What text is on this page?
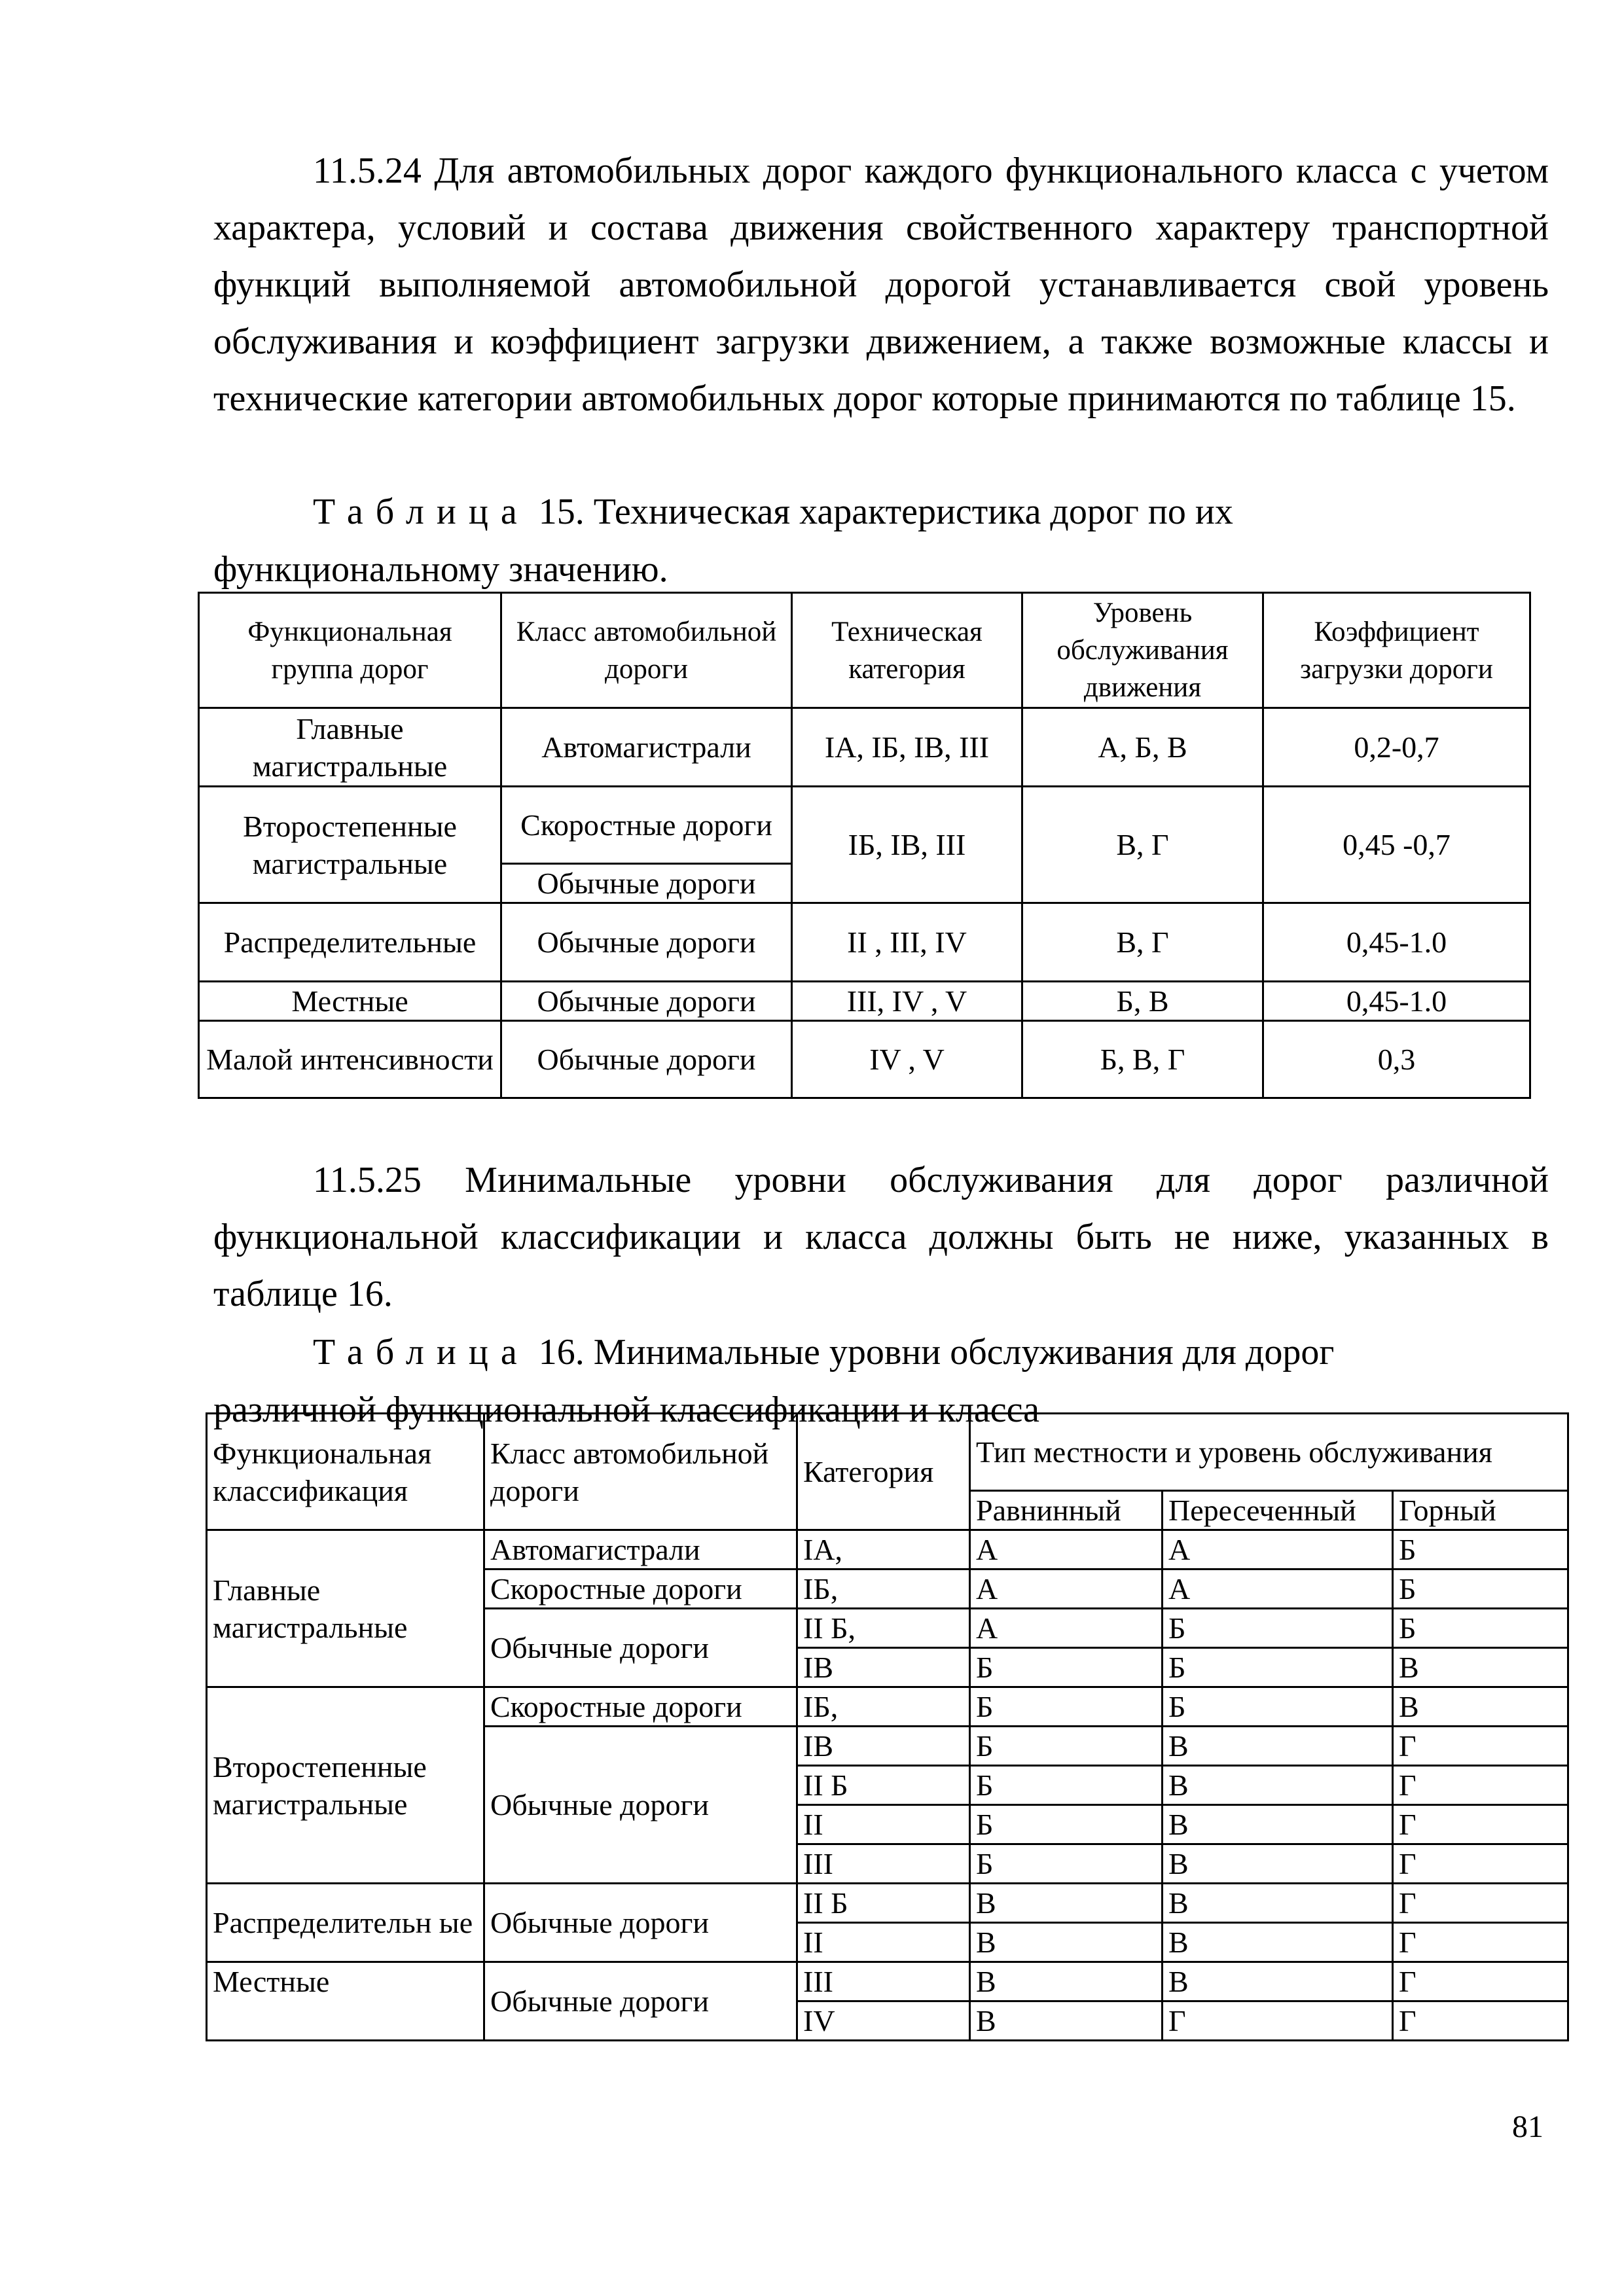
11.5.24 Для автомобильных дорог каждого функционального класса с учетом характера, условий и состава движения свойственного характеру транспортной функций выполняемой автомобильной дорогой устанавливается свой уровень обслуживания и коэффициент загрузки движением, а также возможные классы и технические категории автомобильных дорог которые принимаются по таблице 15.

Таблица 15. Техническая характеристика дорог по их
функциональному значению.

Функциональная группа дорог	Класс автомобильной дороги	Техническая категория	Уровень обслуживания движения	Коэффициент загрузки дороги
Главные магистральные	Автомагистрали	IA, IБ, IB, III	А, Б, В	0,2-0,7
Второстепенные магистральные	Скоростные дороги	IБ, IB, III	В, Г	0,45 -0,7
	Обычные дороги			
Распределительные	Обычные дороги	II , III, IV	В, Г	0,45-1.0
Местные	Обычные дороги	III, IV , V	Б, В	0,45-1.0
Малой интенсивности	Обычные дороги	IV , V	Б, В, Г	0,3

11.5.25 Минимальные уровни обслуживания для дорог различной функциональной классификации и класса должны быть не ниже, указанных в таблице 16.

Таблица 16. Минимальные уровни обслуживания для дорог
различной функциональной классификации и класса

Функциональная классификация	Класс автомобильной дороги	Категория	Тип местности и уровень обслуживания		
			Равнинный	Пересеченный	Горный
Главные магистральные	Автомагистрали	IA,	А	А	Б
	Скоростные дороги	IБ,	А	А	Б
	Обычные дороги	II Б,	А	Б	Б
		IB	Б	Б	В
Второстепенные магистральные	Скоростные дороги	IБ,	Б	Б	В
	Обычные дороги	IB	Б	В	Г
		II Б	Б	В	Г
		II	Б	В	Г
		III	Б	В	Г
Распределительн ые	Обычные дороги	II Б	В	В	Г
		II	В	В	Г
Местные	Обычные дороги	III	В	В	Г
		IV	В	Г	Г
81
